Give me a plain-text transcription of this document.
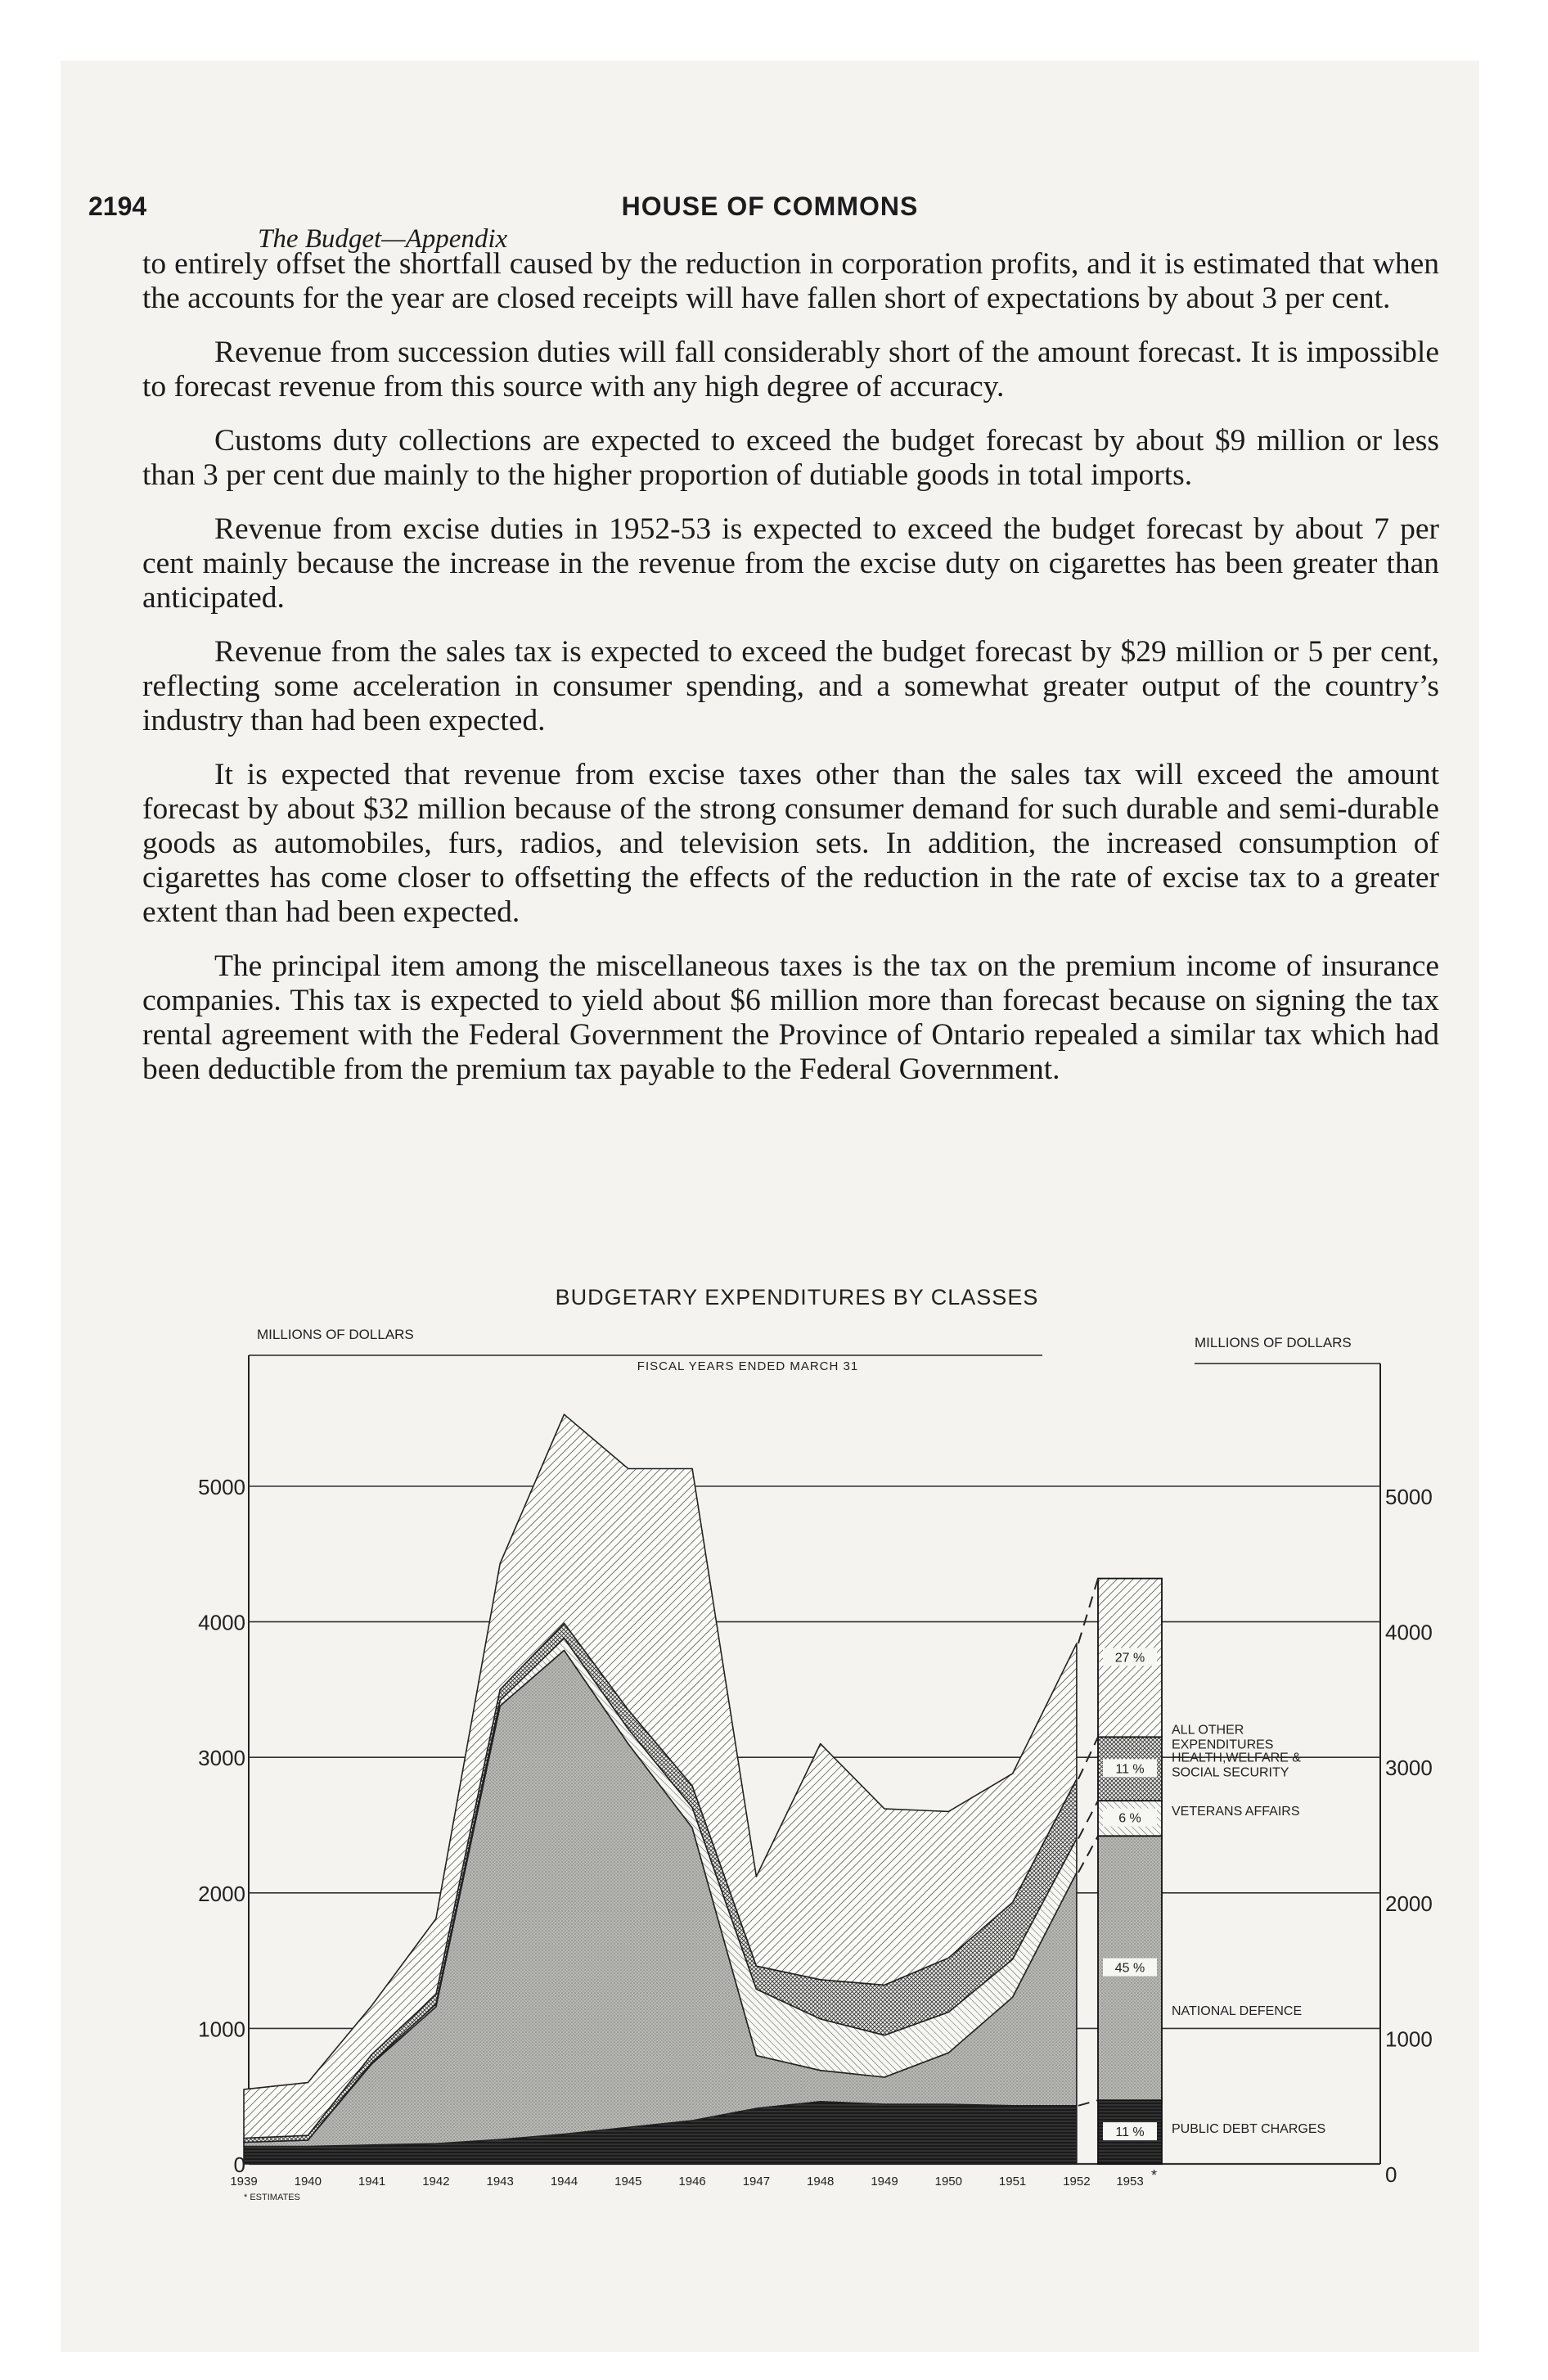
2194	HOUSE OF COMMONS
The Budget—Appendix

to entirely offset the shortfall caused by the reduction in corporation profits, and it is estimated that when the accounts for the year are closed receipts will have fallen short of expectations by about 3 per cent.

Revenue from succession duties will fall considerably short of the amount forecast. It is impossible to forecast revenue from this source with any high degree of accuracy.

Customs duty collections are expected to exceed the budget forecast by about $9 million or less than 3 per cent due mainly to the higher proportion of dutiable goods in total imports.

Revenue from excise duties in 1952-53 is expected to exceed the budget forecast by about 7 per cent mainly because the increase in the revenue from the excise duty on cigarettes has been greater than anticipated.

Revenue from the sales tax is expected to exceed the budget forecast by $29 million or 5 per cent, reflecting some acceleration in consumer spending, and a somewhat greater output of the country’s industry than had been expected.

It is expected that revenue from excise taxes other than the sales tax will exceed the amount forecast by about $32 million because of the strong consumer demand for such durable and semi-durable goods as automobiles, furs, radios, and television sets. In addition, the increased consumption of cigarettes has come closer to offsetting the effects of the reduction in the rate of excise tax to a greater extent than had been expected.

The principal item among the miscellaneous taxes is the tax on the premium income of insurance companies. This tax is expected to yield about $6 million more than forecast because on signing the tax rental agreement with the Federal Government the Province of Ontario repealed a similar tax which had been deductible from the premium tax payable to the Federal Government.

11 %
45 %
6 %
11 %
27 %
BUDGETARY EXPENDITURES BY CLASSES
FISCAL YEARS ENDED MARCH 31
MILLIONS OF DOLLARS
MILLIONS OF DOLLARS
0	0
1000	1000
2000	2000
3000	3000
4000	4000
5000	5000
ALL OTHER
EXPENDITURES
HEALTH,WELFARE &
SOCIAL SECURITY
VETERANS AFFAIRS
NATIONAL DEFENCE
PUBLIC DEBT CHARGES
1939	1940	1941	1942	1943	1944	1945	1946	1947	1948	1949	1950	1951	1952 1953 *
* ESTIMATES
